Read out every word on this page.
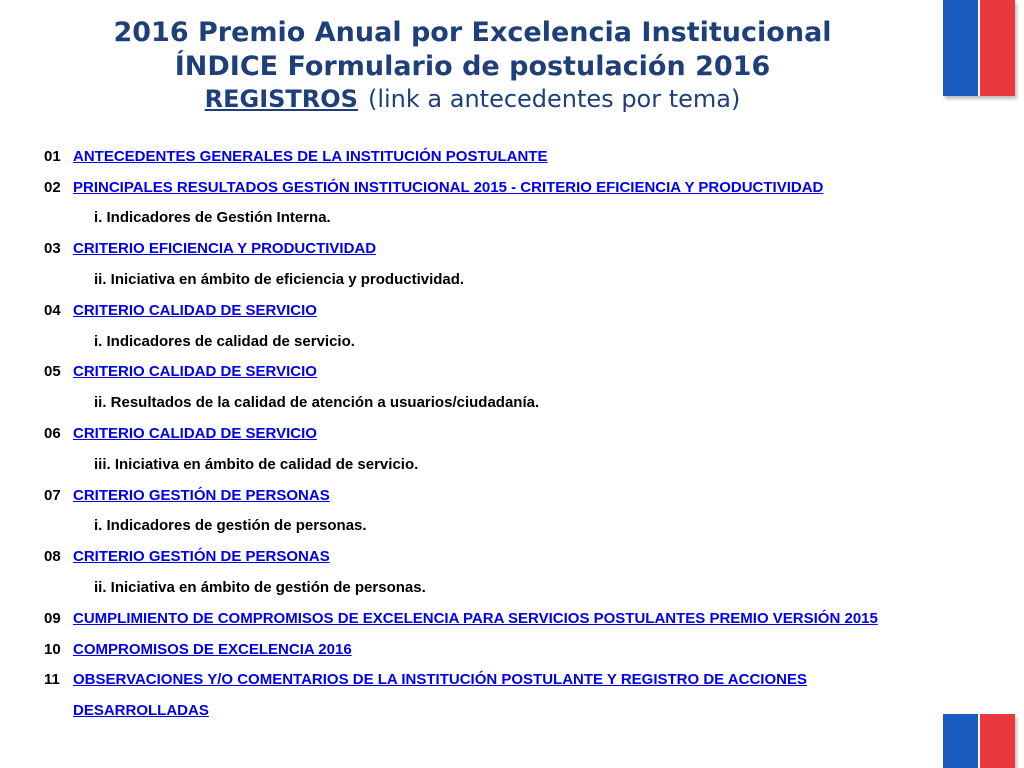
2016 Premio Anual por Excelencia Institucional
ÍNDICE Formulario de postulación 2016
REGISTROS (link a antecedentes por tema)
01 ANTECEDENTES GENERALES DE LA INSTITUCIÓN POSTULANTE
02 PRINCIPALES RESULTADOS GESTIÓN INSTITUCIONAL 2015 - CRITERIO EFICIENCIA Y PRODUCTIVIDAD
i. Indicadores de Gestión Interna.
03 CRITERIO EFICIENCIA Y PRODUCTIVIDAD
ii. Iniciativa en ámbito de eficiencia y productividad.
04 CRITERIO CALIDAD DE SERVICIO
i. Indicadores de calidad de servicio.
05 CRITERIO CALIDAD DE SERVICIO
ii. Resultados de la calidad de atención a usuarios/ciudadanía.
06 CRITERIO CALIDAD DE SERVICIO
iii. Iniciativa en ámbito de calidad de servicio.
07 CRITERIO GESTIÓN DE PERSONAS
i. Indicadores de gestión de personas.
08 CRITERIO GESTIÓN DE PERSONAS
ii. Iniciativa en ámbito de gestión de personas.
09 CUMPLIMIENTO DE COMPROMISOS DE EXCELENCIA PARA SERVICIOS POSTULANTES PREMIO VERSIÓN 2015
10 COMPROMISOS DE EXCELENCIA 2016
11 OBSERVACIONES Y/O COMENTARIOS DE LA INSTITUCIÓN POSTULANTE Y REGISTRO DE ACCIONES
DESARROLLADAS
